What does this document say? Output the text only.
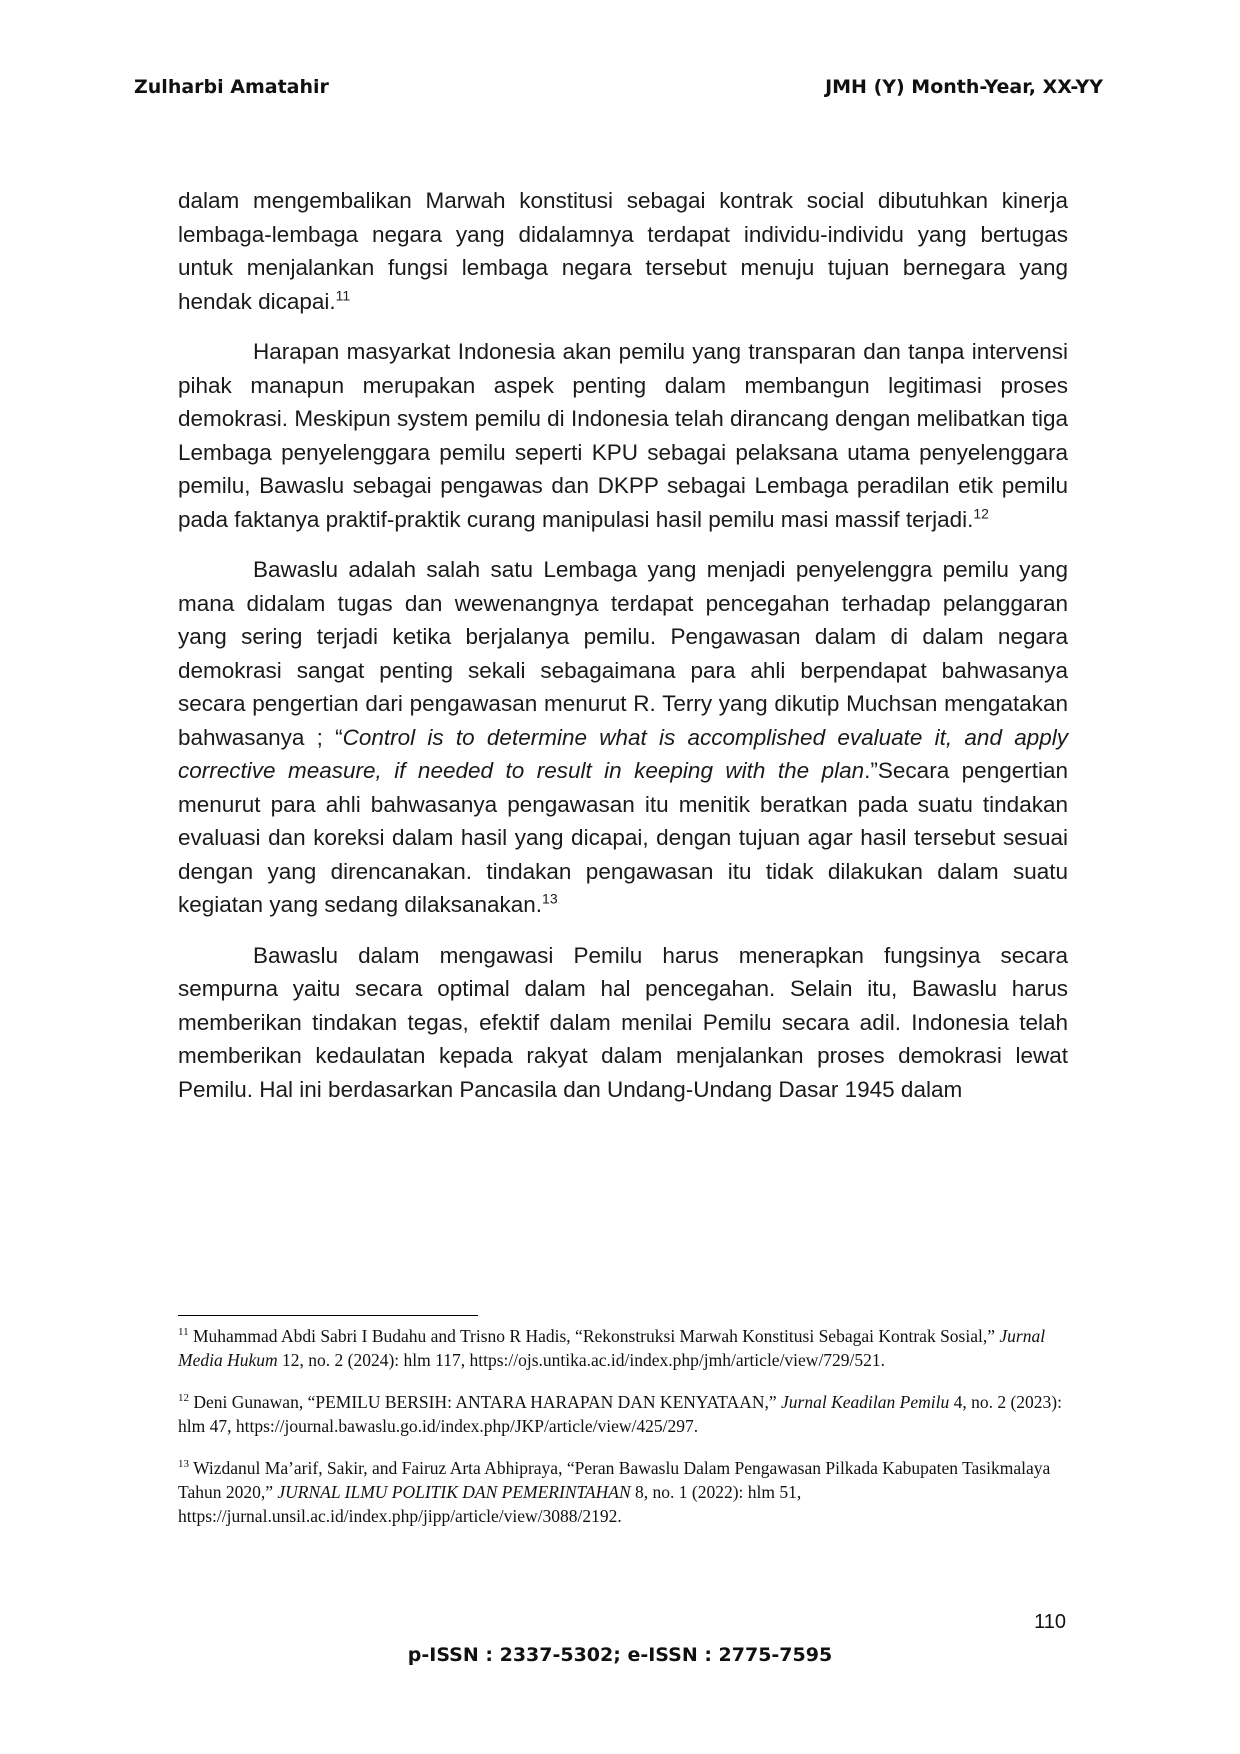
Zulharbi Amatahir	JMH (Y) Month-Year, XX-YY

dalam mengembalikan Marwah konstitusi sebagai kontrak social dibutuhkan kinerja lembaga-lembaga negara yang didalamnya terdapat individu-individu yang bertugas untuk menjalankan fungsi lembaga negara tersebut menuju tujuan bernegara yang hendak dicapai.$^{11}$

Harapan masyarkat Indonesia akan pemilu yang transparan dan tanpa intervensi pihak manapun merupakan aspek penting dalam membangun legitimasi proses demokrasi. Meskipun system pemilu di Indonesia telah dirancang dengan melibatkan tiga Lembaga penyelenggara pemilu seperti KPU sebagai pelaksana utama penyelenggara pemilu, Bawaslu sebagai pengawas dan DKPP sebagai Lembaga peradilan etik pemilu pada faktanya praktif-praktik curang manipulasi hasil pemilu masi massif terjadi.$^{12}$

Bawaslu adalah salah satu Lembaga yang menjadi penyelenggra pemilu yang mana didalam tugas dan wewenangnya terdapat pencegahan terhadap pelanggaran yang sering terjadi ketika berjalanya pemilu. Pengawasan dalam di dalam negara demokrasi sangat penting sekali sebagaimana para ahli berpendapat bahwasanya secara pengertian dari pengawasan menurut R. Terry yang dikutip Muchsan mengatakan bahwasanya ; “Control is to determine what is accomplished evaluate it, and apply corrective measure, if needed to result in keeping with the plan.”Secara pengertian menurut para ahli bahwasanya pengawasan itu menitik beratkan pada suatu tindakan evaluasi dan koreksi dalam hasil yang dicapai, dengan tujuan agar hasil tersebut sesuai dengan yang direncanakan. tindakan pengawasan itu tidak dilakukan dalam suatu kegiatan yang sedang dilaksanakan.$^{13}$

Bawaslu dalam mengawasi Pemilu harus menerapkan fungsinya secara sempurna yaitu secara optimal dalam hal pencegahan. Selain itu, Bawaslu harus memberikan tindakan tegas, efektif dalam menilai Pemilu secara adil. Indonesia telah memberikan kedaulatan kepada rakyat dalam menjalankan proses demokrasi lewat Pemilu. Hal ini berdasarkan Pancasila dan Undang-Undang Dasar 1945 dalam

$^{11}$ Muhammad Abdi Sabri I Budahu and Trisno R Hadis, “Rekonstruksi Marwah Konstitusi Sebagai Kontrak Sosial,” Jurnal Media Hukum 12, no. 2 (2024): hlm 117, https://ojs.untika.ac.id/index.php/jmh/article/view/729/521.

$^{12}$ Deni Gunawan, “PEMILU BERSIH: ANTARA HARAPAN DAN KENYATAAN,” Jurnal Keadilan Pemilu 4, no. 2 (2023): hlm 47, https://journal.bawaslu.go.id/index.php/JKP/article/view/425/297.

$^{13}$ Wizdanul Ma’arif, Sakir, and Fairuz Arta Abhipraya, “Peran Bawaslu Dalam Pengawasan Pilkada Kabupaten Tasikmalaya Tahun 2020,” JURNAL ILMU POLITIK DAN PEMERINTAHAN 8, no. 1 (2022): hlm 51, https://jurnal.unsil.ac.id/index.php/jipp/article/view/3088/2192.

110
p-ISSN : 2337-5302; e-ISSN : 2775-7595
